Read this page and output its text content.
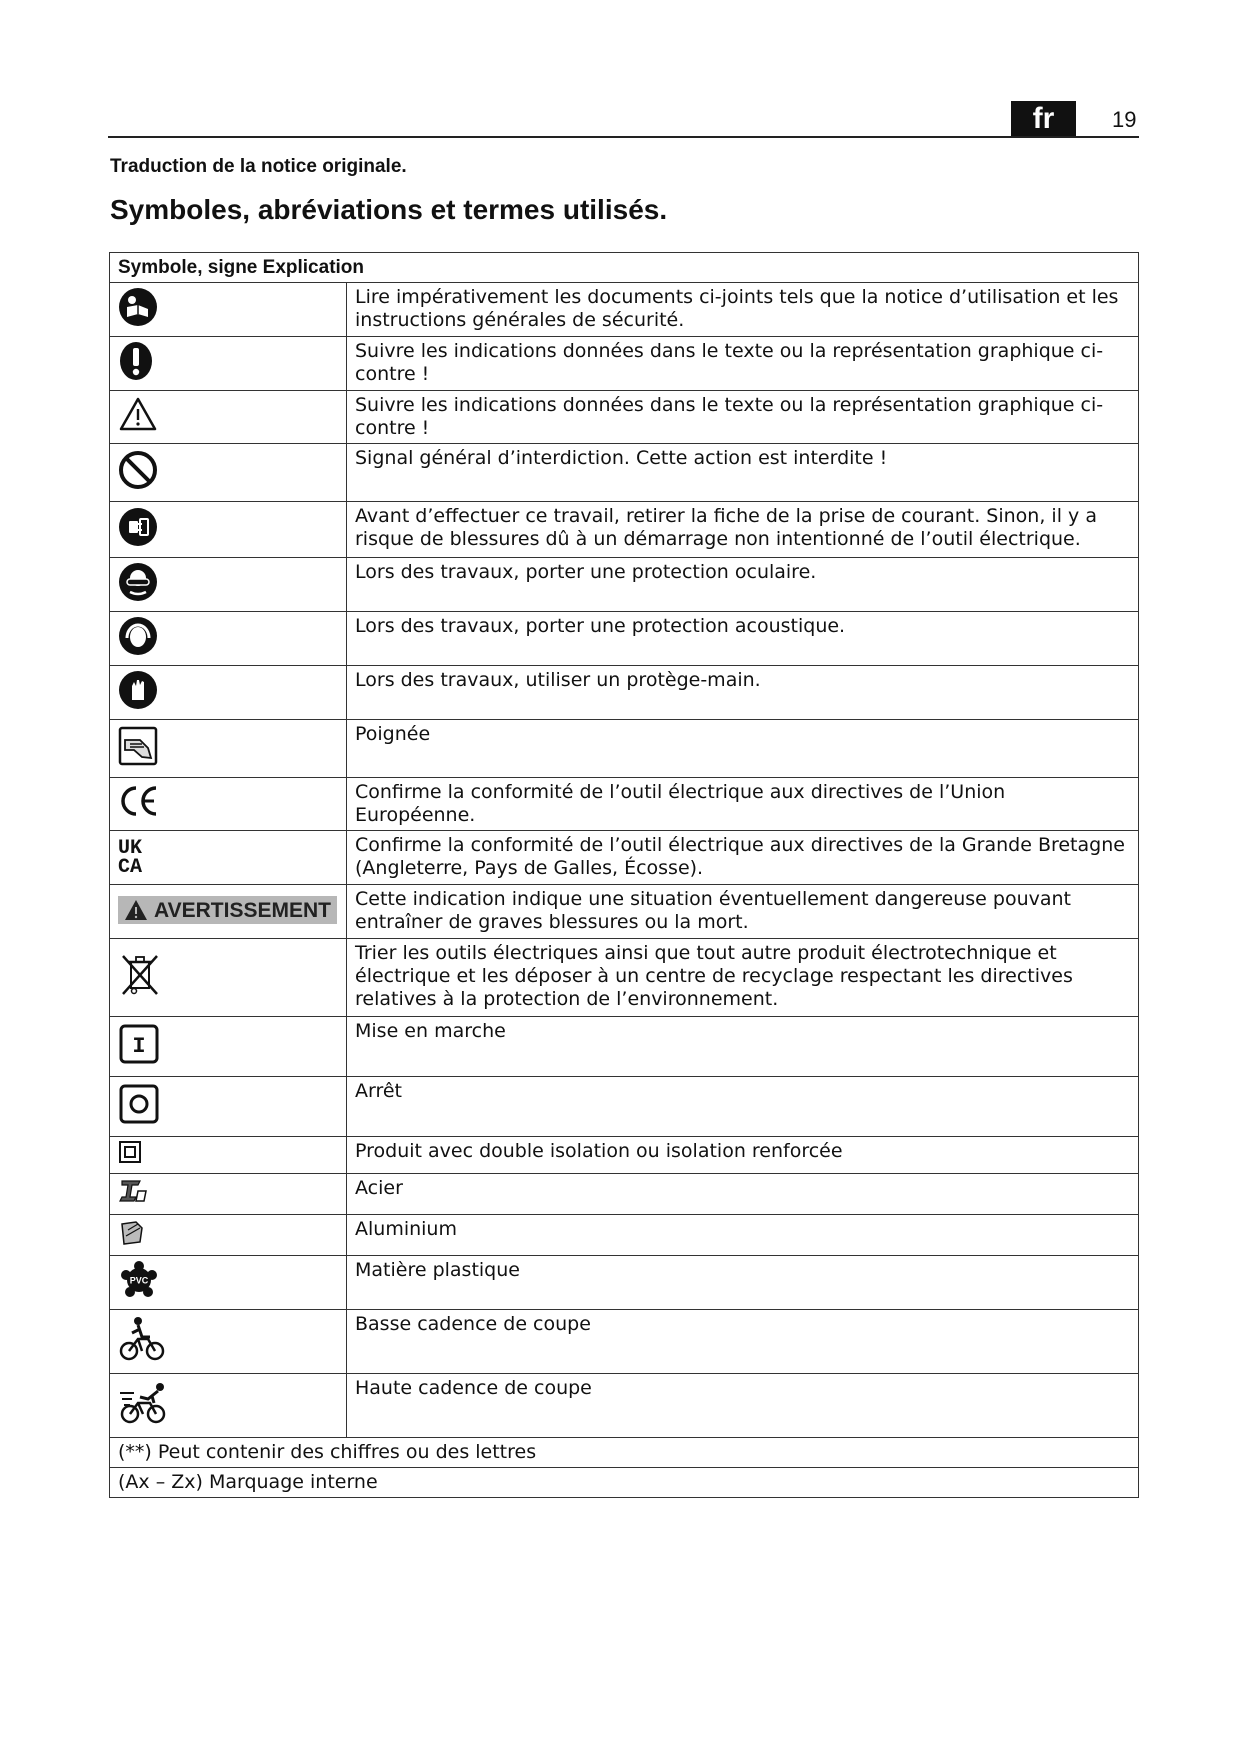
fr	19
Traduction de la notice originale.
Symboles, abréviations et termes utilisés.
Symbole, signe Explication	
	Lire impérativement les documents ci-joints tels que la notice d’utilisation et les instructions générales de sécurité.
	Suivre les indications données dans le texte ou la représentation graphique ci-contre !
	Suivre les indications données dans le texte ou la représentation graphique ci-contre !
	Signal général d’interdiction. Cette action est interdite !
	Avant d’effectuer ce travail, retirer la fiche de la prise de courant. Sinon, il y a risque de blessures dû à un démarrage non intentionné de l’outil électrique.
	Lors des travaux, porter une protection oculaire.
	Lors des travaux, porter une protection acoustique.
	Lors des travaux, utiliser un protège-main.
	Poignée
	Confirme la conformité de l’outil électrique aux directives de l’Union Européenne.
UK
CA	Confirme la conformité de l’outil électrique aux directives de la Grande Bretagne (Angleterre, Pays de Galles, Écosse).

AVERTISSEMENT	Cette indication indique une situation éventuellement dangereuse pouvant entraîner de graves blessures ou la mort.
	Trier les outils électriques ainsi que tout autre produit électrotechnique et électrique et les déposer à un centre de recyclage respectant les directives relatives à la protection de l’environnement.

I	Mise en marche
	Arrêt
	Produit avec double isolation ou isolation renforcée
	Acier
	Aluminium

PVC	Matière plastique
	Basse cadence de coupe
	Haute cadence de coupe
(**) Peut contenir des chiffres ou des lettres	
(Ax – Zx) Marquage interne	
